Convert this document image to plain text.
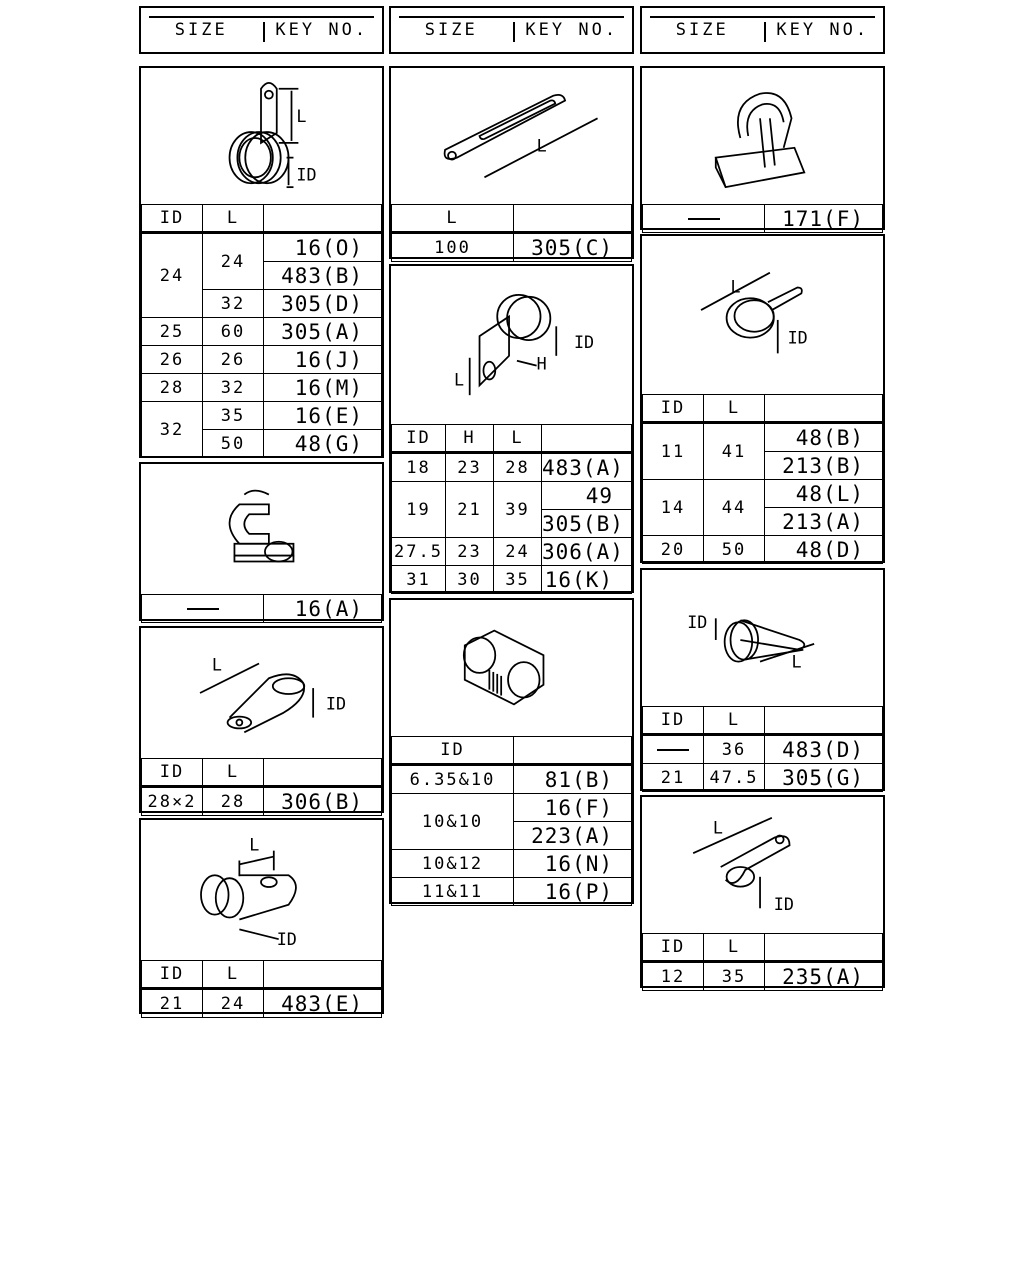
SIZE	KEY NO.	SIZE	KEY NO.	SIZE	KEY NO.
L
ID
ID	L	
24	24	16(O)
		483(B)
	32	305(D)
25	60	305(A)
26	26	16(J)
28	32	16(M)
32	35	16(E)
	50	48(G)
	16(A)
L
ID
ID	L	
28×2	28	306(B)
L
ID
ID	L	
21	24	483(E)
L
L	
100	305(C)
ID
H
L
ID	H	L	
18	23	28	483(A)
19	21	39	49
			305(B)
27.5	23	24	306(A)
31	30	35	16(K)
ID	
6.35&10	81(B)
10&10	16(F)
	223(A)
10&12	16(N)
11&11	16(P)
	171(F)
L
ID
ID	L	
11	41	48(B)
		213(B)
14	44	48(L)
		213(A)
20	50	48(D)
ID
L
ID	L	
	36	483(D)
21	47.5	305(G)
L
ID
ID	L	
12	35	235(A)
